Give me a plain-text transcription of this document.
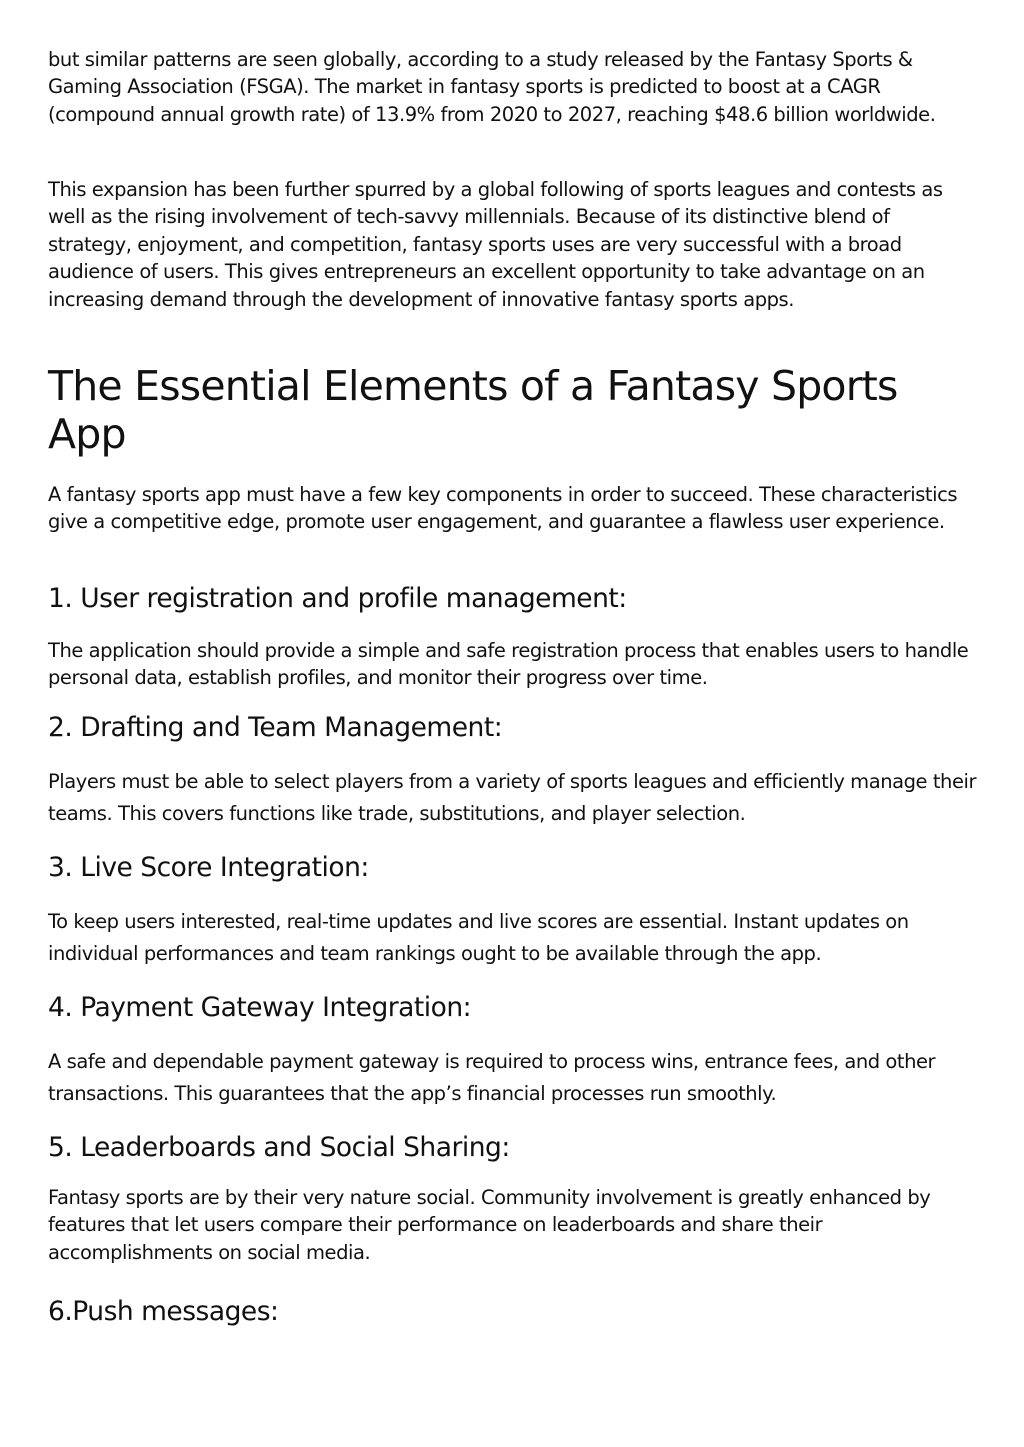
but similar patterns are seen globally, according to a study released by the Fantasy Sports & Gaming Association (FSGA). The market in fantasy sports is predicted to boost at a CAGR (compound annual growth rate) of 13.9% from 2020 to 2027, reaching $48.6 billion worldwide.

This expansion has been further spurred by a global following of sports leagues and contests as well as the rising involvement of tech-savvy millennials. Because of its distinctive blend of strategy, enjoyment, and competition, fantasy sports uses are very successful with a broad audience of users. This gives entrepreneurs an excellent opportunity to take advantage on an increasing demand through the development of innovative fantasy sports apps.

The Essential Elements of a Fantasy Sports App

A fantasy sports app must have a few key components in order to succeed. These characteristics give a competitive edge, promote user engagement, and guarantee a flawless user experience.

1. User registration and profile management:

The application should provide a simple and safe registration process that enables users to handle personal data, establish profiles, and monitor their progress over time.

2. Drafting and Team Management:

Players must be able to select players from a variety of sports leagues and efficiently manage their teams. This covers functions like trade, substitutions, and player selection.

3. Live Score Integration:

To keep users interested, real-time updates and live scores are essential. Instant updates on individual performances and team rankings ought to be available through the app.

4. Payment Gateway Integration:

A safe and dependable payment gateway is required to process wins, entrance fees, and other transactions. This guarantees that the app’s financial processes run smoothly.

5. Leaderboards and Social Sharing:

Fantasy sports are by their very nature social. Community involvement is greatly enhanced by features that let users compare their performance on leaderboards and share their accomplishments on social media.

6.Push messages:
